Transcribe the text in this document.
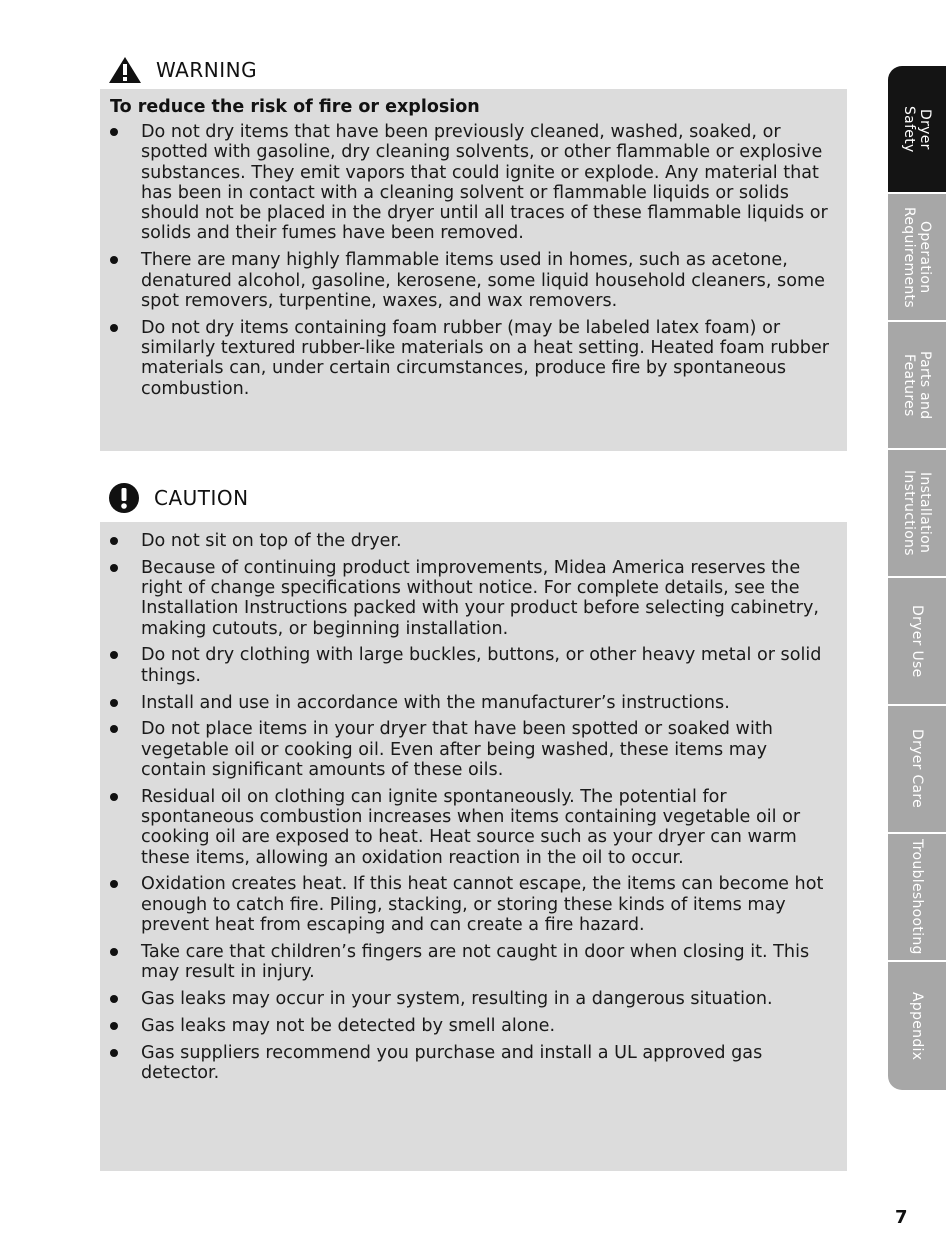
WARNING
To reduce the risk of fire or explosion
Do not dry items that have been previously cleaned, washed, soaked, or spotted with gasoline, dry cleaning solvents, or other flammable or explosive substances. They emit vapors that could ignite or explode. Any material that has been in contact with a cleaning solvent or flammable liquids or solids should not be placed in the dryer until all traces of these flammable liquids or solids and their fumes have been removed.
There are many highly flammable items used in homes, such as acetone, denatured alcohol, gasoline, kerosene, some liquid household cleaners, some spot removers, turpentine, waxes, and wax removers.
Do not dry items containing foam rubber (may be labeled latex foam) or similarly textured rubber-like materials on a heat setting. Heated foam rubber materials can, under certain circumstances, produce fire by spontaneous combustion.
CAUTION
Do not sit on top of the dryer.
Because of continuing product improvements, Midea America reserves the right of change specifications without notice. For complete details, see the Installation Instructions packed with your product before selecting cabinetry, making cutouts, or beginning installation.
Do not dry clothing with large buckles, buttons, or other heavy metal or solid things.
Install and use in accordance with the manufacturer’s instructions.
Do not place items in your dryer that have been spotted or soaked with vegetable oil or cooking oil. Even after being washed, these items may contain significant amounts of these oils.
Residual oil on clothing can ignite spontaneously. The potential for spontaneous combustion increases when items containing vegetable oil or cooking oil are exposed to heat. Heat source such as your dryer can warm these items, allowing an oxidation reaction in the oil to occur.
Oxidation creates heat. If this heat cannot escape, the items can become hot enough to catch fire. Piling, stacking, or storing these kinds of items may prevent heat from escaping and can create a fire hazard.
Take care that children’s fingers are not caught in door when closing it. This may result in injury.
Gas leaks may occur in your system, resulting in a dangerous situation.
Gas leaks may not be detected by smell alone.
Gas suppliers recommend you purchase and install a UL approved gas detector.
Dryer
Safety
Operation
Requirements
Parts and
Features
Installation
Instructions
Dryer Use
Dryer Care
Troubleshooting
Appendix
7
